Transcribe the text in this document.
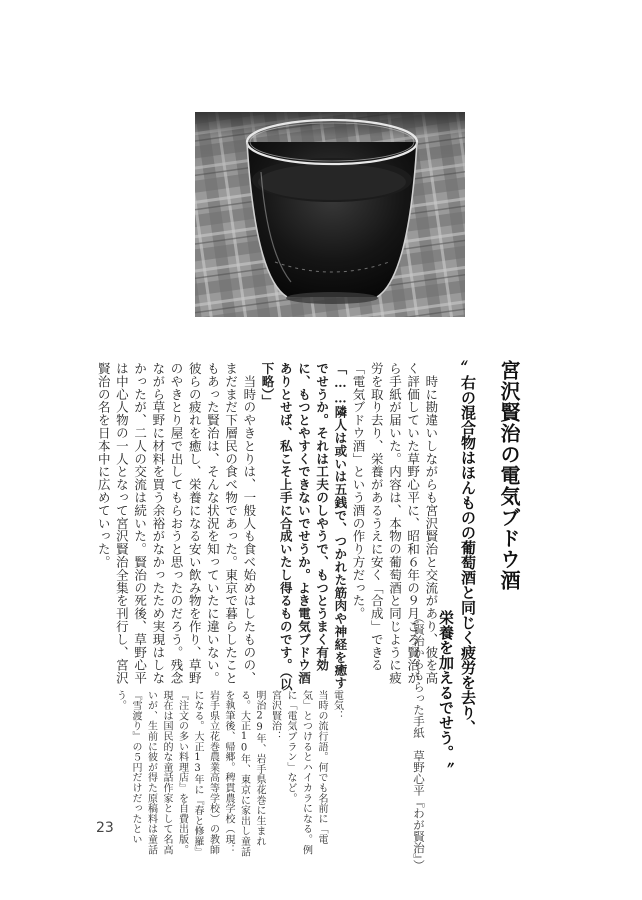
宮沢賢治の電気ブドウ酒

〞右の混合物はほんものの葡萄酒と同じく疲労を去り、

栄養を加えるでせう。〝

（賢治からもらった手紙　草野心平『わが賢治』）

　時に勘違いしながらも宮沢賢治と交流があり、彼を高く評価していた草野心平に、昭和６年の９月ごろ賢治から手紙が届いた。内容は、本物の葡萄酒と同じように疲労を取り去り、栄養があるうえに安く「合成」できる「電気ブドウ酒」という酒の作り方だった。

「……隣人は或いは五銭で、つかれた筋肉や神経を癒すでせうか。それは工夫のしやうで、もつとうまく有効に、もつとやすくできないでせうか。よき電気ブドウ酒ありとせば、私こそ上手に合成いたし得るものです。（以下略）」

　当時のやきとりは、一般人も食べ始めはしたものの、まだまだ下層民の食べ物であった。東京で暮らしたこともあった賢治は、そんな状況を知っていたに違いない。彼らの疲れを癒し、栄養になる安い飲み物を作り、草野のやきとり屋で出してもらおうと思ったのだろう。残念ながら草野に材料を買う余裕がなかったため実現はしなかったが、二人の交流は続いた。賢治の死後、草野心平は中心人物の一人となって宮沢賢治全集を刊行し、宮沢賢治の名を日本中に広めていった。

電気：

当時の流行語。何でも名前に「電気」とつけるとハイカラになる。例に「電気ブラン」など。

宮沢賢治：

明治29年、岩手県花巻に生まれる。大正10年、東京に家出し童話を執筆後、帰郷。稗貫農学校（現：岩手県立花巻農業高等学校）の教師になる。大正13年に『春と修羅』『注文の多い料理店』を自費出版。現在は国民的な童話作家として名高いが、生前に彼が得た原稿料は童話『雪渡り』の５円だけだったという。

23
